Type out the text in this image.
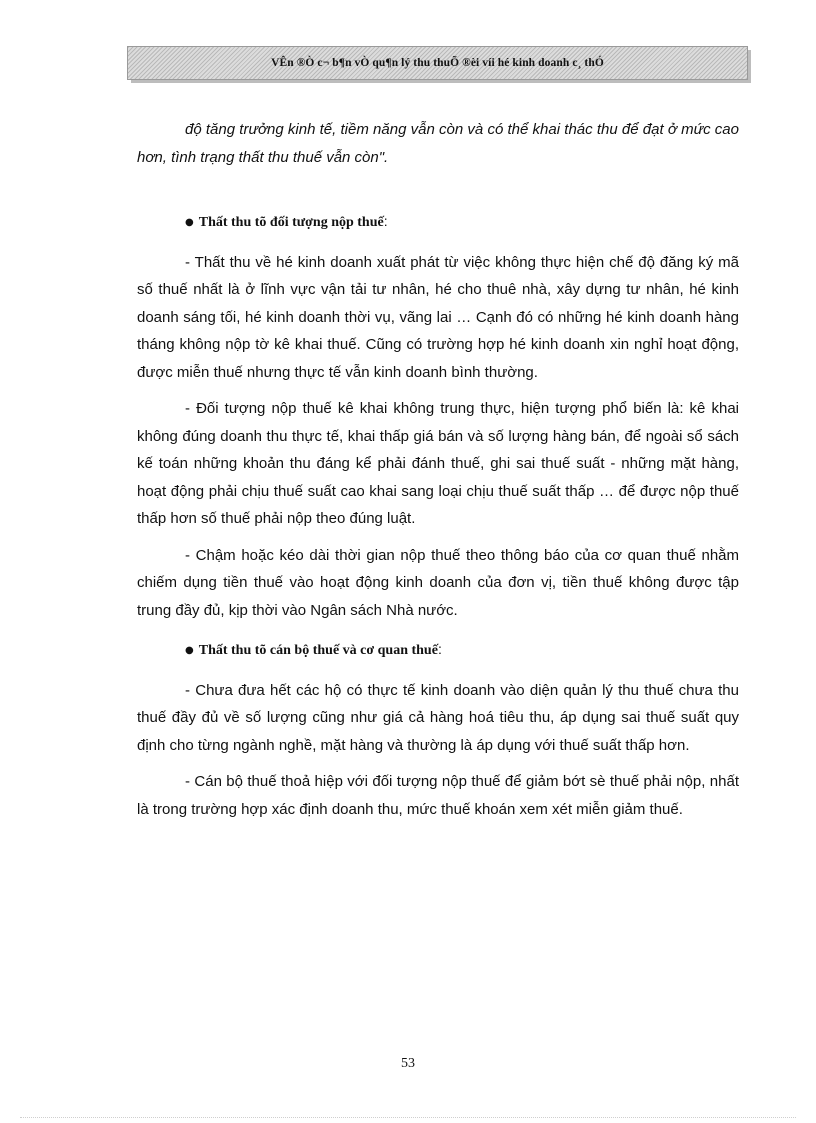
VÊn ®Ò c¬ b¶n vÒ qu¶n lý thu thuÕ ®èi víi hé kinh doanh c¸ thÓ

độ tăng trưởng kinh tế, tiềm năng vẫn còn và có thể khai thác thu để đạt ở mức cao hơn, tình trạng thất thu thuế vẫn còn".

● Thất thu tõ đối tượng nộp thuế:

- Thất thu về hé kinh doanh xuất phát từ việc không thực hiện chế độ đăng ký mã số thuế nhất là ở lĩnh vực vận tải tư nhân, hé cho thuê nhà, xây dựng tư nhân, hé kinh doanh sáng tối, hé kinh doanh thời vụ, vãng lai … Cạnh đó có những hé kinh doanh hàng tháng không nộp tờ kê khai thuế. Cũng có trường hợp hé kinh doanh xin nghỉ hoạt động, được miễn thuế nhưng thực tế vẫn kinh doanh bình thường.

- Đối tượng nộp thuế kê khai không trung thực, hiện tượng phổ biến là: kê khai không đúng doanh thu thực tế, khai thấp giá bán và số lượng hàng bán, để ngoài sổ sách kế toán những khoản thu đáng kể phải đánh thuế, ghi sai thuế suất - những mặt hàng, hoạt động phải chịu thuế suất cao khai sang loại chịu thuế suất thấp … để được nộp thuế thấp hơn số thuế phải nộp theo đúng luật.

- Chậm hoặc kéo dài thời gian nộp thuế theo thông báo của cơ quan thuế nhằm chiếm dụng tiền thuế vào hoạt động kinh doanh của đơn vị, tiền thuế không được tập trung đầy đủ, kịp thời vào Ngân sách Nhà nước.

● Thất thu tõ cán bộ thuế và cơ quan thuế:

- Chưa đưa hết các hộ có thực tế kinh doanh vào diện quản lý thu thuế chưa thu thuế đầy đủ về số lượng cũng như giá cả hàng hoá tiêu thu, áp dụng sai thuế suất quy định cho từng ngành nghề, mặt hàng và thường là áp dụng với thuế suất thấp hơn.

- Cán bộ thuế thoả hiệp với đối tượng nộp thuế để giảm bớt sè thuế phải nộp, nhất là trong trường hợp xác định doanh thu, mức thuế khoán xem xét miễn giảm thuế.

53
